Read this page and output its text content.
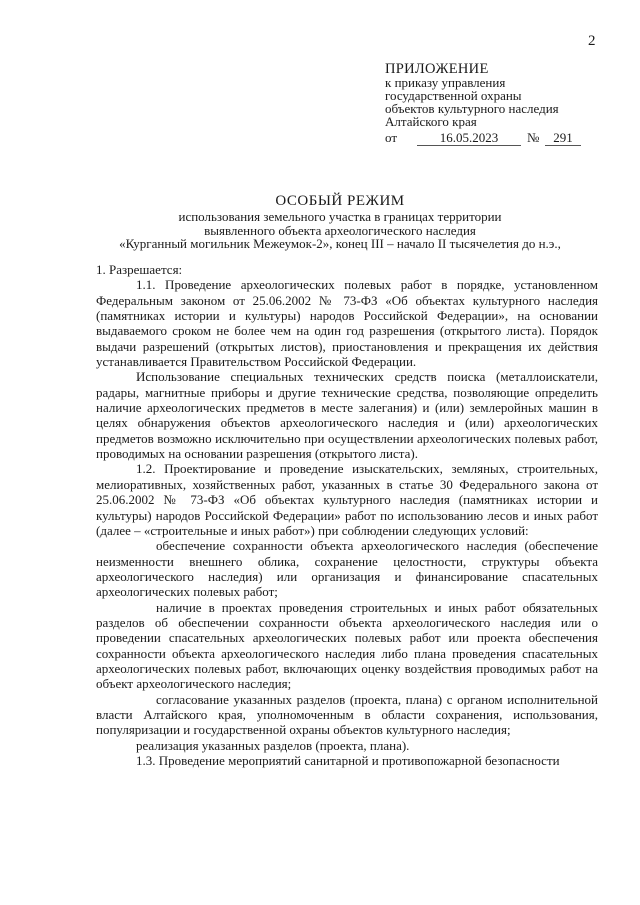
2
ПРИЛОЖЕНИЕ
к приказу управления
государственной охраны
объектов культурного наследия
Алтайского края
от	16.05.2023	№	291
ОСОБЫЙ РЕЖИМ
использования земельного участка в границах территории
выявленного объекта археологического наследия
«Курганный могильник Межеумок-2», конец III – начало II тысячелетия до н.э.,

1. Разрешается:

1.1. Проведение археологических полевых работ в порядке, установленном Федеральным законом от 25.06.2002 № 73-ФЗ «Об объектах культурного наследия (памятниках истории и культуры) народов Российской Федерации», на основании выдаваемого сроком не более чем на один год разрешения (открытого листа). Порядок выдачи разрешений (открытых листов), приостановления и прекращения их действия устанавливается Правительством Российской Федерации.

Использование специальных технических средств поиска (металлоискатели, радары, магнитные приборы и другие технические средства, позволяющие определить наличие археологических предметов в месте залегания) и (или) землеройных машин в целях обнаружения объектов археологического наследия и (или) археологических предметов возможно исключительно при осуществлении археологических полевых работ, проводимых на основании разрешения (открытого листа).

1.2. Проектирование и проведение изыскательских, земляных, строительных, мелиоративных, хозяйственных работ, указанных в статье 30 Федерального закона от 25.06.2002 № 73-ФЗ «Об объектах культурного наследия (памятниках истории и культуры) народов Российской Федерации» работ по использованию лесов и иных работ (далее – «строительные и иных работ») при соблюдении следующих условий:

обеспечение сохранности объекта археологического наследия (обеспечение неизменности внешнего облика, сохранение целостности, структуры объекта археологического наследия) или организация и финансирование спасательных археологических полевых работ;

наличие в проектах проведения строительных и иных работ обязательных разделов об обеспечении сохранности объекта археологического наследия или о проведении спасательных археологических полевых работ или проекта обеспечения сохранности объекта археологического наследия либо плана проведения спасательных археологических полевых работ, включающих оценку воздействия проводимых работ на объект археологического наследия;

согласование указанных разделов (проекта, плана) с органом исполнительной власти Алтайского края, уполномоченным в области сохранения, использования, популяризации и государственной охраны объектов культурного наследия;

реализация указанных разделов (проекта, плана).

1.3. Проведение мероприятий санитарной и противопожарной безопасности
